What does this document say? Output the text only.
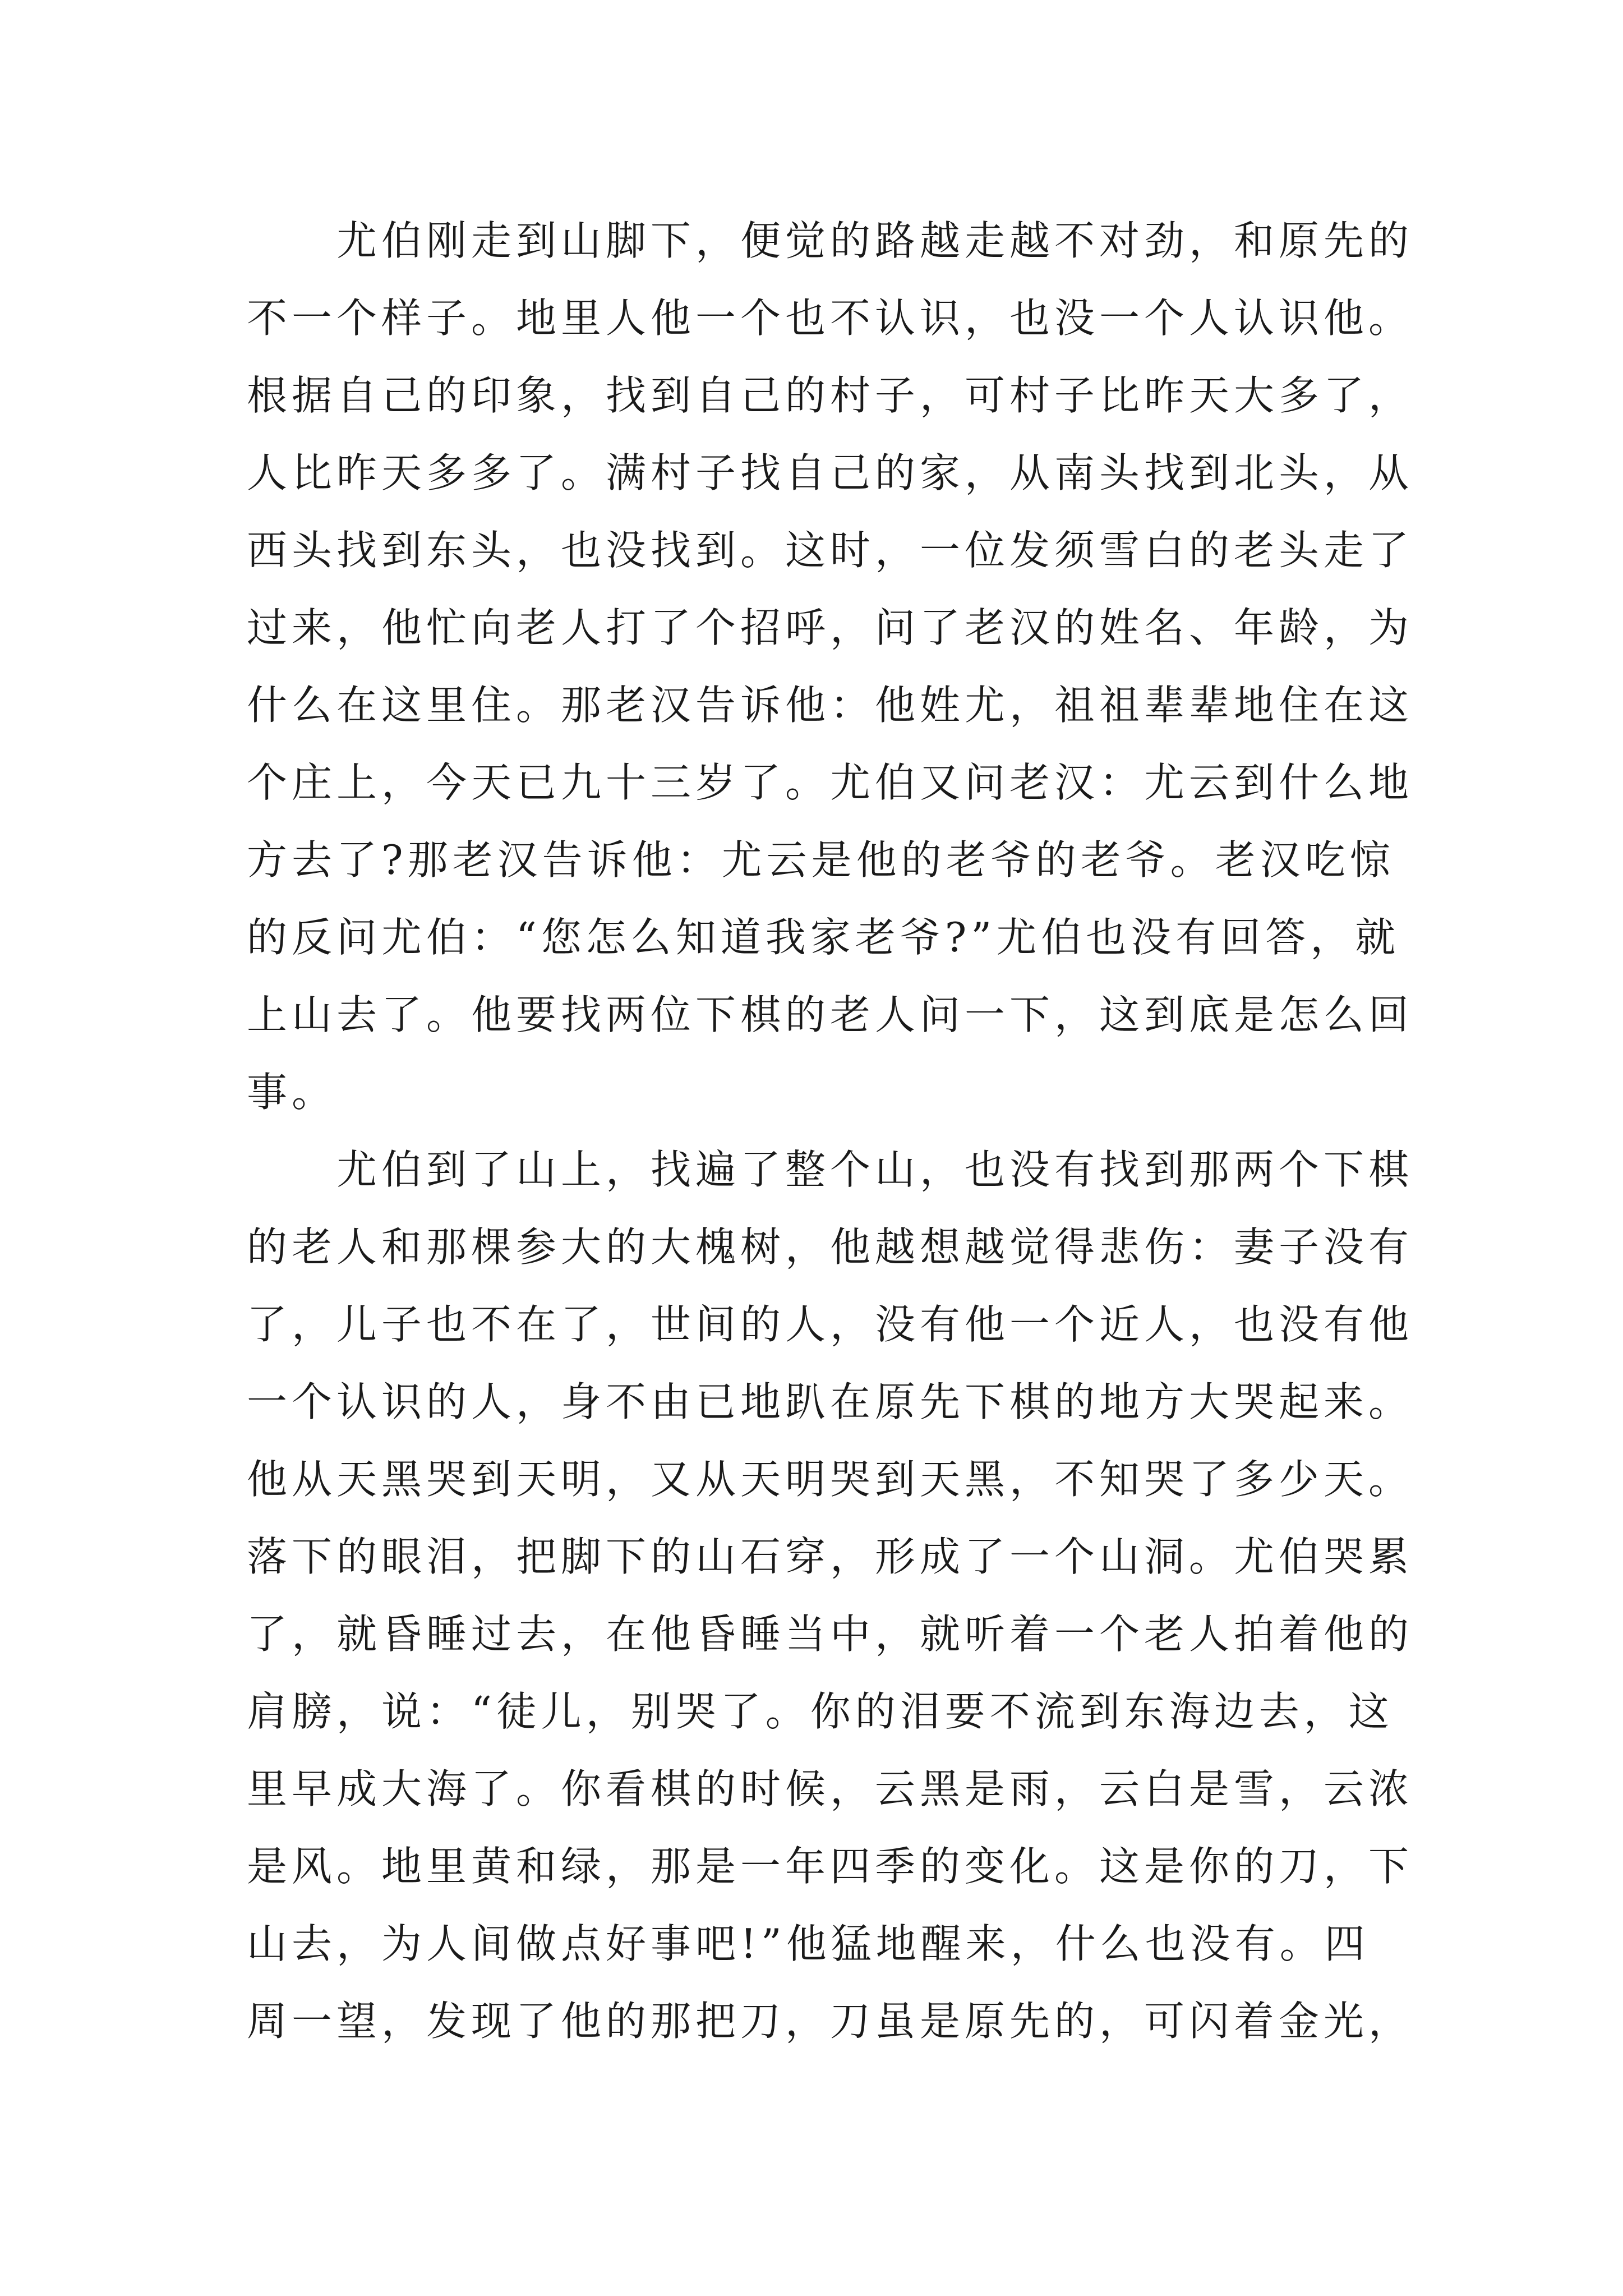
尤伯刚走到山脚下，便觉的路越走越不对劲，和原先的
不一个样子。地里人他一个也不认识，也没一个人认识他。
根据自己的印象，找到自己的村子，可村子比昨天大多了，
人比昨天多多了。满村子找自己的家，从南头找到北头，从
西头找到东头，也没找到。这时，一位发须雪白的老头走了
过来，他忙向老人打了个招呼，问了老汉的姓名、年龄，为
什么在这里住。那老汉告诉他：他姓尤，祖祖辈辈地住在这
个庄上，今天已九十三岁了。尤伯又问老汉：尤云到什么地
方去了?那老汉告诉他：尤云是他的老爷的老爷。老汉吃惊
的反问尤伯：“您怎么知道我家老爷?”尤伯也没有回答，就
上山去了。他要找两位下棋的老人问一下，这到底是怎么回
事。
尤伯到了山上，找遍了整个山，也没有找到那两个下棋
的老人和那棵参大的大槐树，他越想越觉得悲伤：妻子没有
了，儿子也不在了，世间的人，没有他一个近人，也没有他
一个认识的人，身不由已地趴在原先下棋的地方大哭起来。
他从天黑哭到天明，又从天明哭到天黑，不知哭了多少天。
落下的眼泪，把脚下的山石穿，形成了一个山洞。尤伯哭累
了，就昏睡过去，在他昏睡当中，就听着一个老人拍着他的
肩膀，说：“徒儿，别哭了。你的泪要不流到东海边去，这
里早成大海了。你看棋的时候，云黑是雨，云白是雪，云浓
是风。地里黄和绿，那是一年四季的变化。这是你的刀，下
山去，为人间做点好事吧!”他猛地醒来，什么也没有。四
周一望，发现了他的那把刀，刀虽是原先的，可闪着金光，
